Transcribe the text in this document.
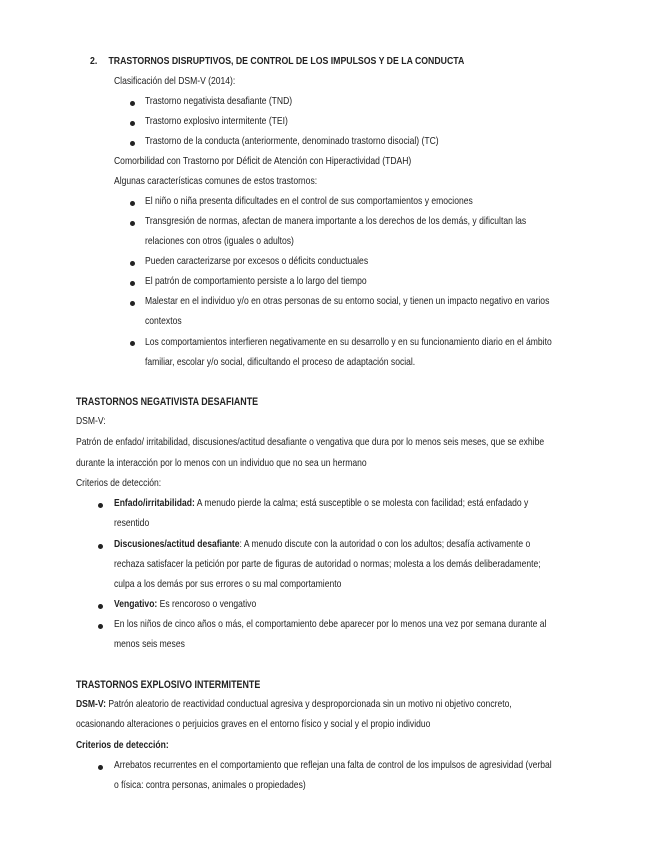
2. TRASTORNOS DISRUPTIVOS, DE CONTROL DE LOS IMPULSOS Y DE LA CONDUCTA
Clasificación del DSM-V (2014):
Trastorno negativista desafiante (TND)
Trastorno explosivo intermitente (TEI)
Trastorno de la conducta (anteriormente, denominado trastorno disocial) (TC)
Comorbilidad con Trastorno por Déficit de Atención con Hiperactividad (TDAH)
Algunas características comunes de estos trastornos:
El niño o niña presenta dificultades en el control de sus comportamientos y emociones
Transgresión de normas, afectan de manera importante a los derechos de los demás, y dificultan las
relaciones con otros (iguales o adultos)
Pueden caracterizarse por excesos o déficits conductuales
El patrón de comportamiento persiste a lo largo del tiempo
Malestar en el individuo y/o en otras personas de su entorno social, y tienen un impacto negativo en varios
contextos
Los comportamientos interfieren negativamente en su desarrollo y en su funcionamiento diario en el ámbito
familiar, escolar y/o social, dificultando el proceso de adaptación social.
TRASTORNOS NEGATIVISTA DESAFIANTE
DSM-V:
Patrón de enfado/ irritabilidad, discusiones/actitud desafiante o vengativa que dura por lo menos seis meses, que se exhibe
durante la interacción por lo menos con un individuo que no sea un hermano
Criterios de detección:
Enfado/irritabilidad: A menudo pierde la calma; está susceptible o se molesta con facilidad; está enfadado y
resentido
Discusiones/actitud desafiante: A menudo discute con la autoridad o con los adultos; desafía activamente o
rechaza satisfacer la petición por parte de figuras de autoridad o normas; molesta a los demás deliberadamente;
culpa a los demás por sus errores o su mal comportamiento
Vengativo: Es rencoroso o vengativo
En los niños de cinco años o más, el comportamiento debe aparecer por lo menos una vez por semana durante al
menos seis meses
TRASTORNOS EXPLOSIVO INTERMITENTE
DSM-V: Patrón aleatorio de reactividad conductual agresiva y desproporcionada sin un motivo ni objetivo concreto,
ocasionando alteraciones o perjuicios graves en el entorno físico y social y el propio individuo
Criterios de detección:
Arrebatos recurrentes en el comportamiento que reflejan una falta de control de los impulsos de agresividad (verbal
o física: contra personas, animales o propiedades)
